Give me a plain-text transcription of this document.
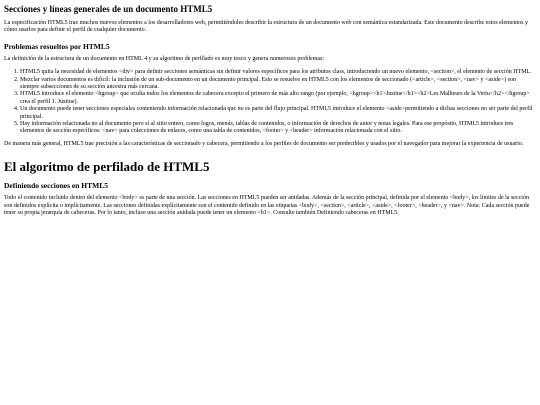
Secciones y líneas generales de un documento HTML5

La especificación HTML5 trae muchos nuevos elementos a los desarrolladores web, permitiéndoles describir la estructura de un documento web con semántica estandarizada. Este documento describe estos elementos y cómo usarlos para definir el perfil de cualquier documento.

Problemas resueltos por HTML5

La definición de la estructura de un documento en HTML 4 y su algoritmo de perfilado es muy tosco y genera numerosos problemas:

1. HTML5 quita la necesidad de elementos <div> para definir secciones semánticas sin definir valores específicos para los atributos class, introduciendo un nuevo elemento, <section>, el elemento de sección HTML.
2. Mezclar varios documentos es difícil: la inclusión de un sub-documento en un documento principal. Esto se resuelve en HTML5 con los elementos de seccionado (<article>, <section>, <nav> y <aside>) son siempre subsecciones de su sección ancestra más cercana.
3. HTML5 introduce el elemento <hgroup> que oculta todos los elementos de cabecera excepto el primero de más alto rango (por ejemplo, <hgroup><h1>Justine</h1><h2>Les Malheurs de la Vertu</h2></hgroup> crea el perfil 1. Justine).
4. Un documento puede tener secciones especiales conteniendo información relacionada que no es parte del flujo principal. HTML5 introduce el elemento <aside>permitiendo a dichas secciones no ser parte del perfil principal.
5. Hay información relacionada no al documento pero sí al sitio entero, como logos, menús, tablas de contenidos, o información de derechos de autor y notas legales. Para ese propósito, HTML5 introduce tres elementos de sección específicos: <nav> para colecciones de enlaces, como una tabla de contenidos, <footer> y <header> información relacionada con el sitio.

De manera más general, HTML5 trae precisión a las características de seccionado y cabecera, permitiendo a los perfiles de documento ser predecibles y usados por el navegador para mejorar la experiencia de usuario.

El algoritmo de perfilado de HTML5
Definiendo secciones en HTML5

Todo el contenido incluido dentro del elemento <body> es parte de una sección. Las secciones en HTML5 pueden ser anidadas. Además de la sección principal, definida por el elemento <body>, los límites de la sección son definidos explícita o implícitamente. Las secciones definidas explícitamente son el contenido definido en las etiquetas <body>, <section>, <article>, <aside>, <footer>, <header>, y <nav>. Nota: Cada sección puede tener su propia jerarquía de cabeceras. Por lo tanto, incluso una sección anidada puede tener un elemento <h1>. Consulte también Definiendo cabeceras en HTML5.
